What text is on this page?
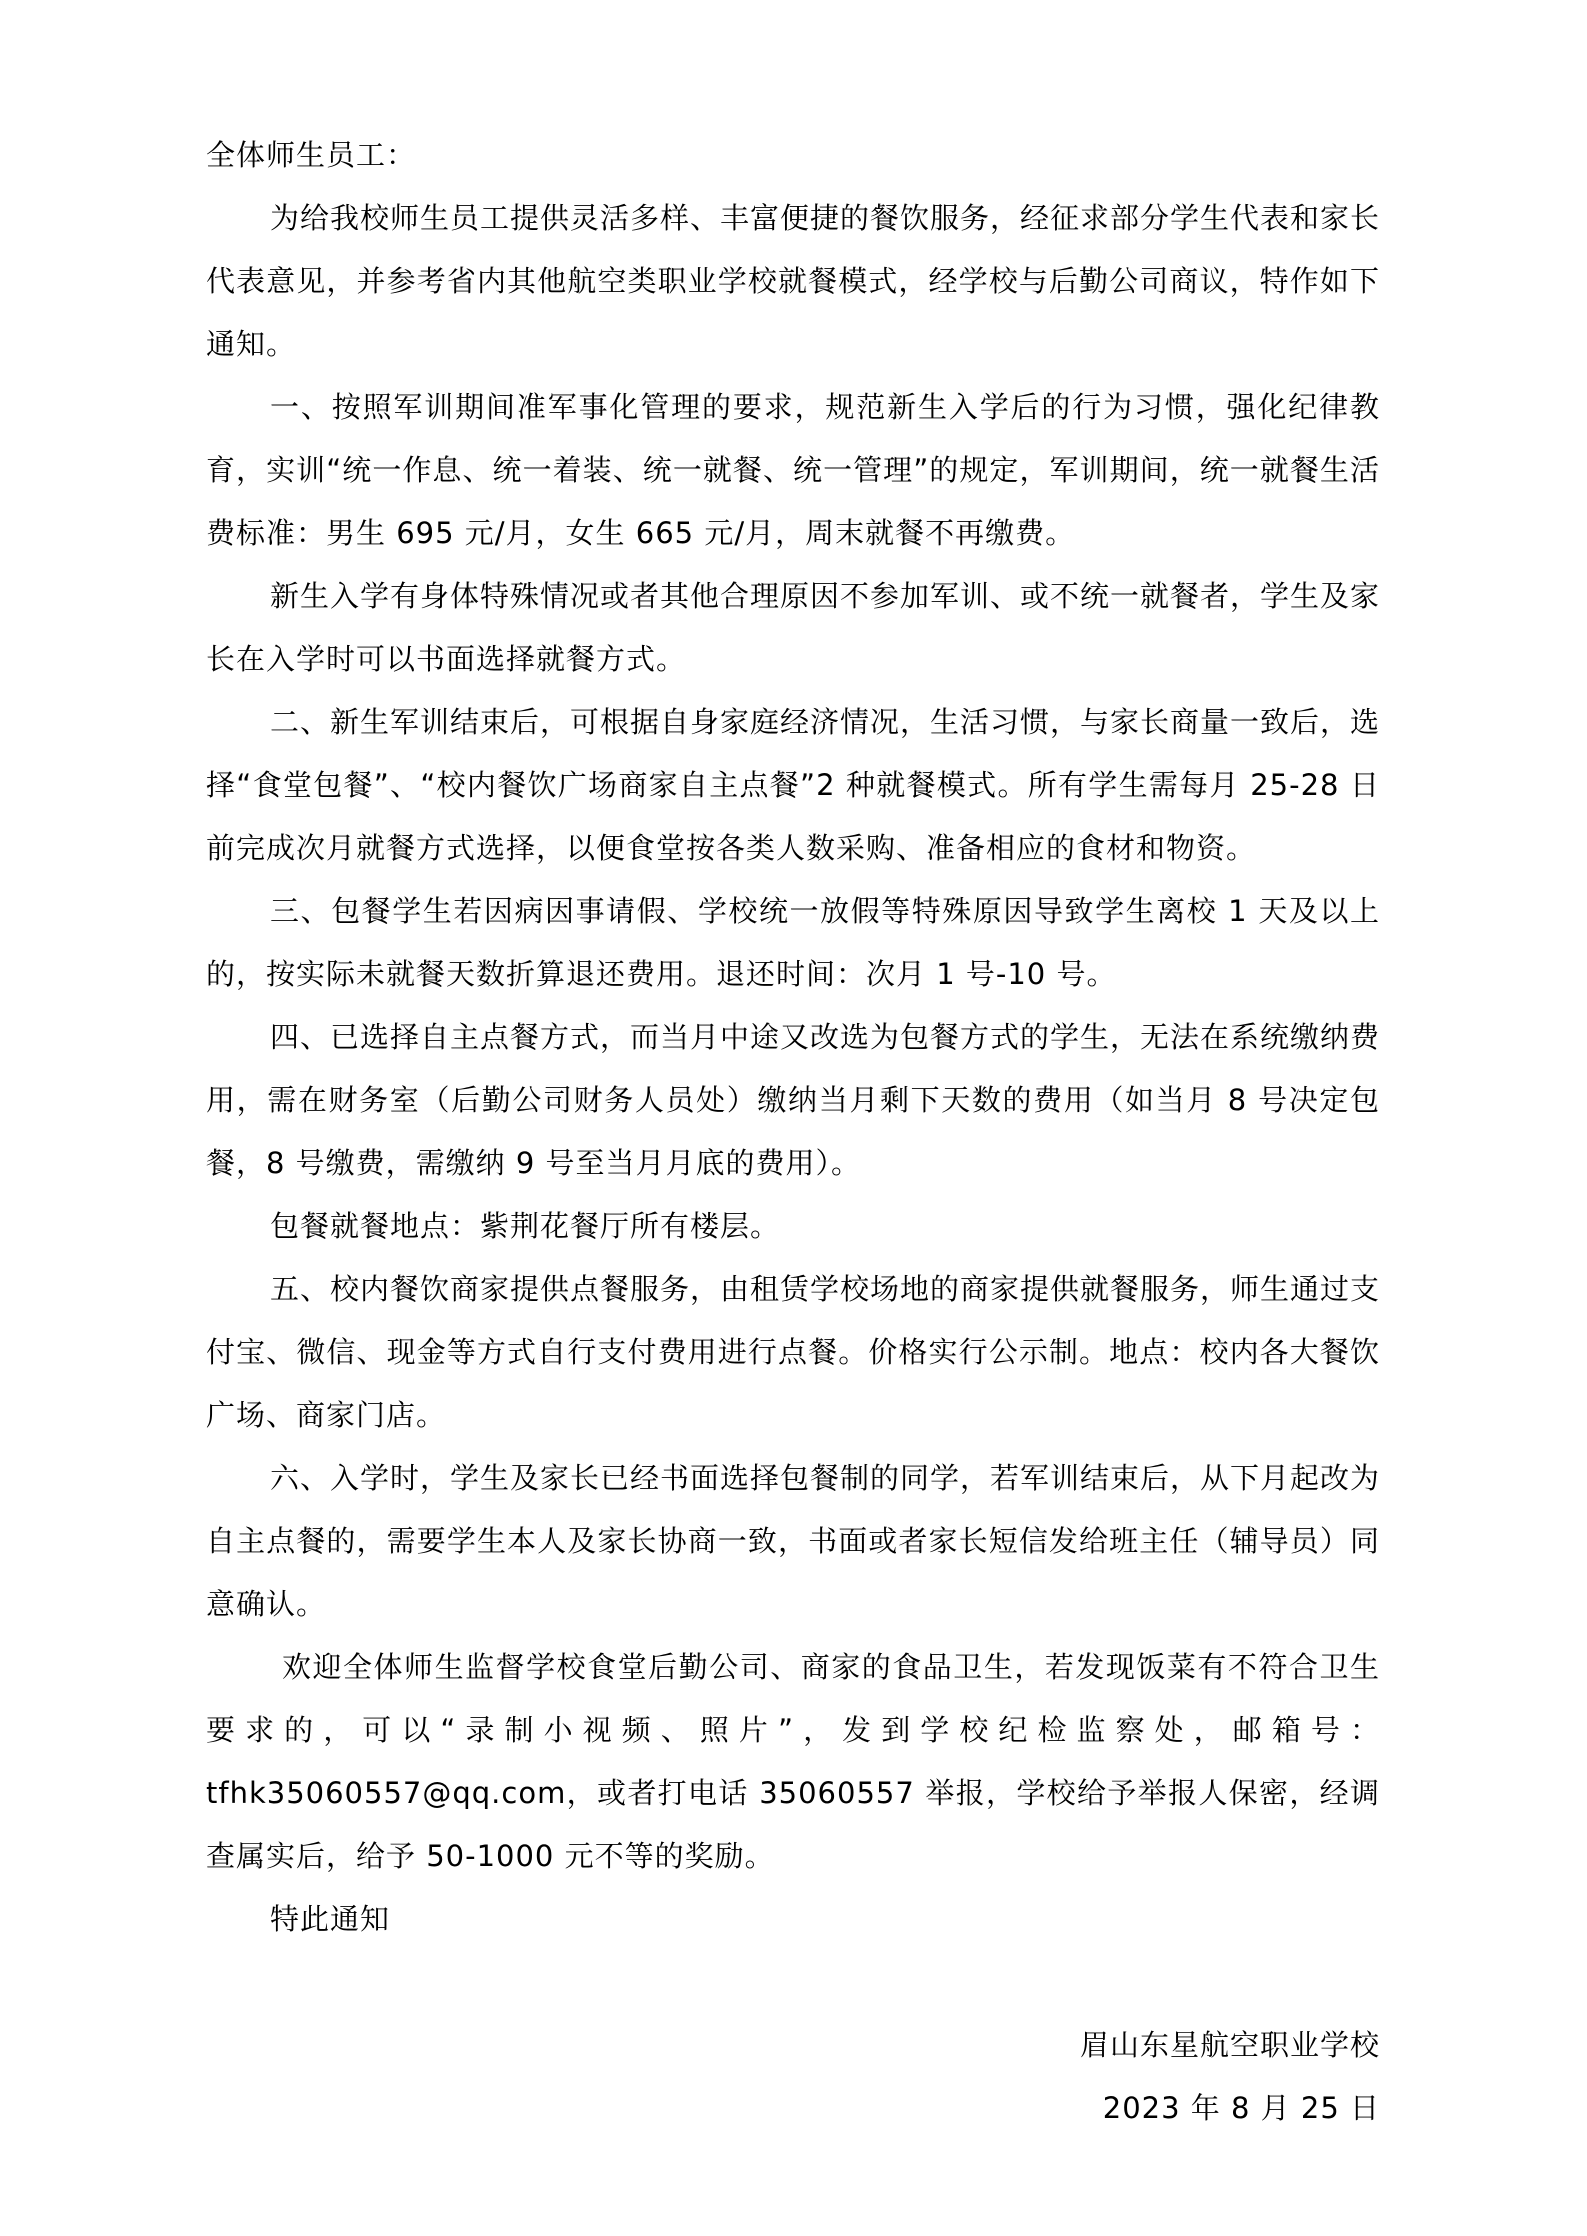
全体师生员工：

为给我校师生员工提供灵活多样、丰富便捷的餐饮服务，经征求部分学生代表和家长代表意见，并参考省内其他航空类职业学校就餐模式，经学校与后勤公司商议，特作如下通知。

一、按照军训期间准军事化管理的要求，规范新生入学后的行为习惯，强化纪律教育，实训“统一作息、统一着装、统一就餐、统一管理”的规定，军训期间，统一就餐生活费标准：男生 695 元/月，女生 665 元/月，周末就餐不再缴费。

新生入学有身体特殊情况或者其他合理原因不参加军训、或不统一就餐者，学生及家长在入学时可以书面选择就餐方式。

二、新生军训结束后，可根据自身家庭经济情况，生活习惯，与家长商量一致后，选择“食堂包餐”、“校内餐饮广场商家自主点餐”2 种就餐模式。所有学生需每月 25-28 日前完成次月就餐方式选择，以便食堂按各类人数采购、准备相应的食材和物资。

三、包餐学生若因病因事请假、学校统一放假等特殊原因导致学生离校 1 天及以上的，按实际未就餐天数折算退还费用。退还时间：次月 1 号-10 号。

四、已选择自主点餐方式，而当月中途又改选为包餐方式的学生，无法在系统缴纳费用，需在财务室（后勤公司财务人员处）缴纳当月剩下天数的费用（如当月 8 号决定包餐，8 号缴费，需缴纳 9 号至当月月底的费用）。

包餐就餐地点：紫荆花餐厅所有楼层。

五、校内餐饮商家提供点餐服务，由租赁学校场地的商家提供就餐服务，师生通过支付宝、微信、现金等方式自行支付费用进行点餐。价格实行公示制。地点：校内各大餐饮广场、商家门店。

六、入学时，学生及家长已经书面选择包餐制的同学，若军训结束后，从下月起改为自主点餐的，需要学生本人及家长协商一致，书面或者家长短信发给班主任（辅导员）同意确认。

欢迎全体师生监督学校食堂后勤公司、商家的食品卫生，若发现饭菜有不符合卫生要求的，可以“录制小视频、照片”，发到学校纪检监察处，邮箱号：tfhk35060557@qq.com，或者打电话 35060557 举报，学校给予举报人保密，经调查属实后，给予 50-1000 元不等的奖励。

特此通知

眉山东星航空职业学校

2023 年 8 月 25 日
